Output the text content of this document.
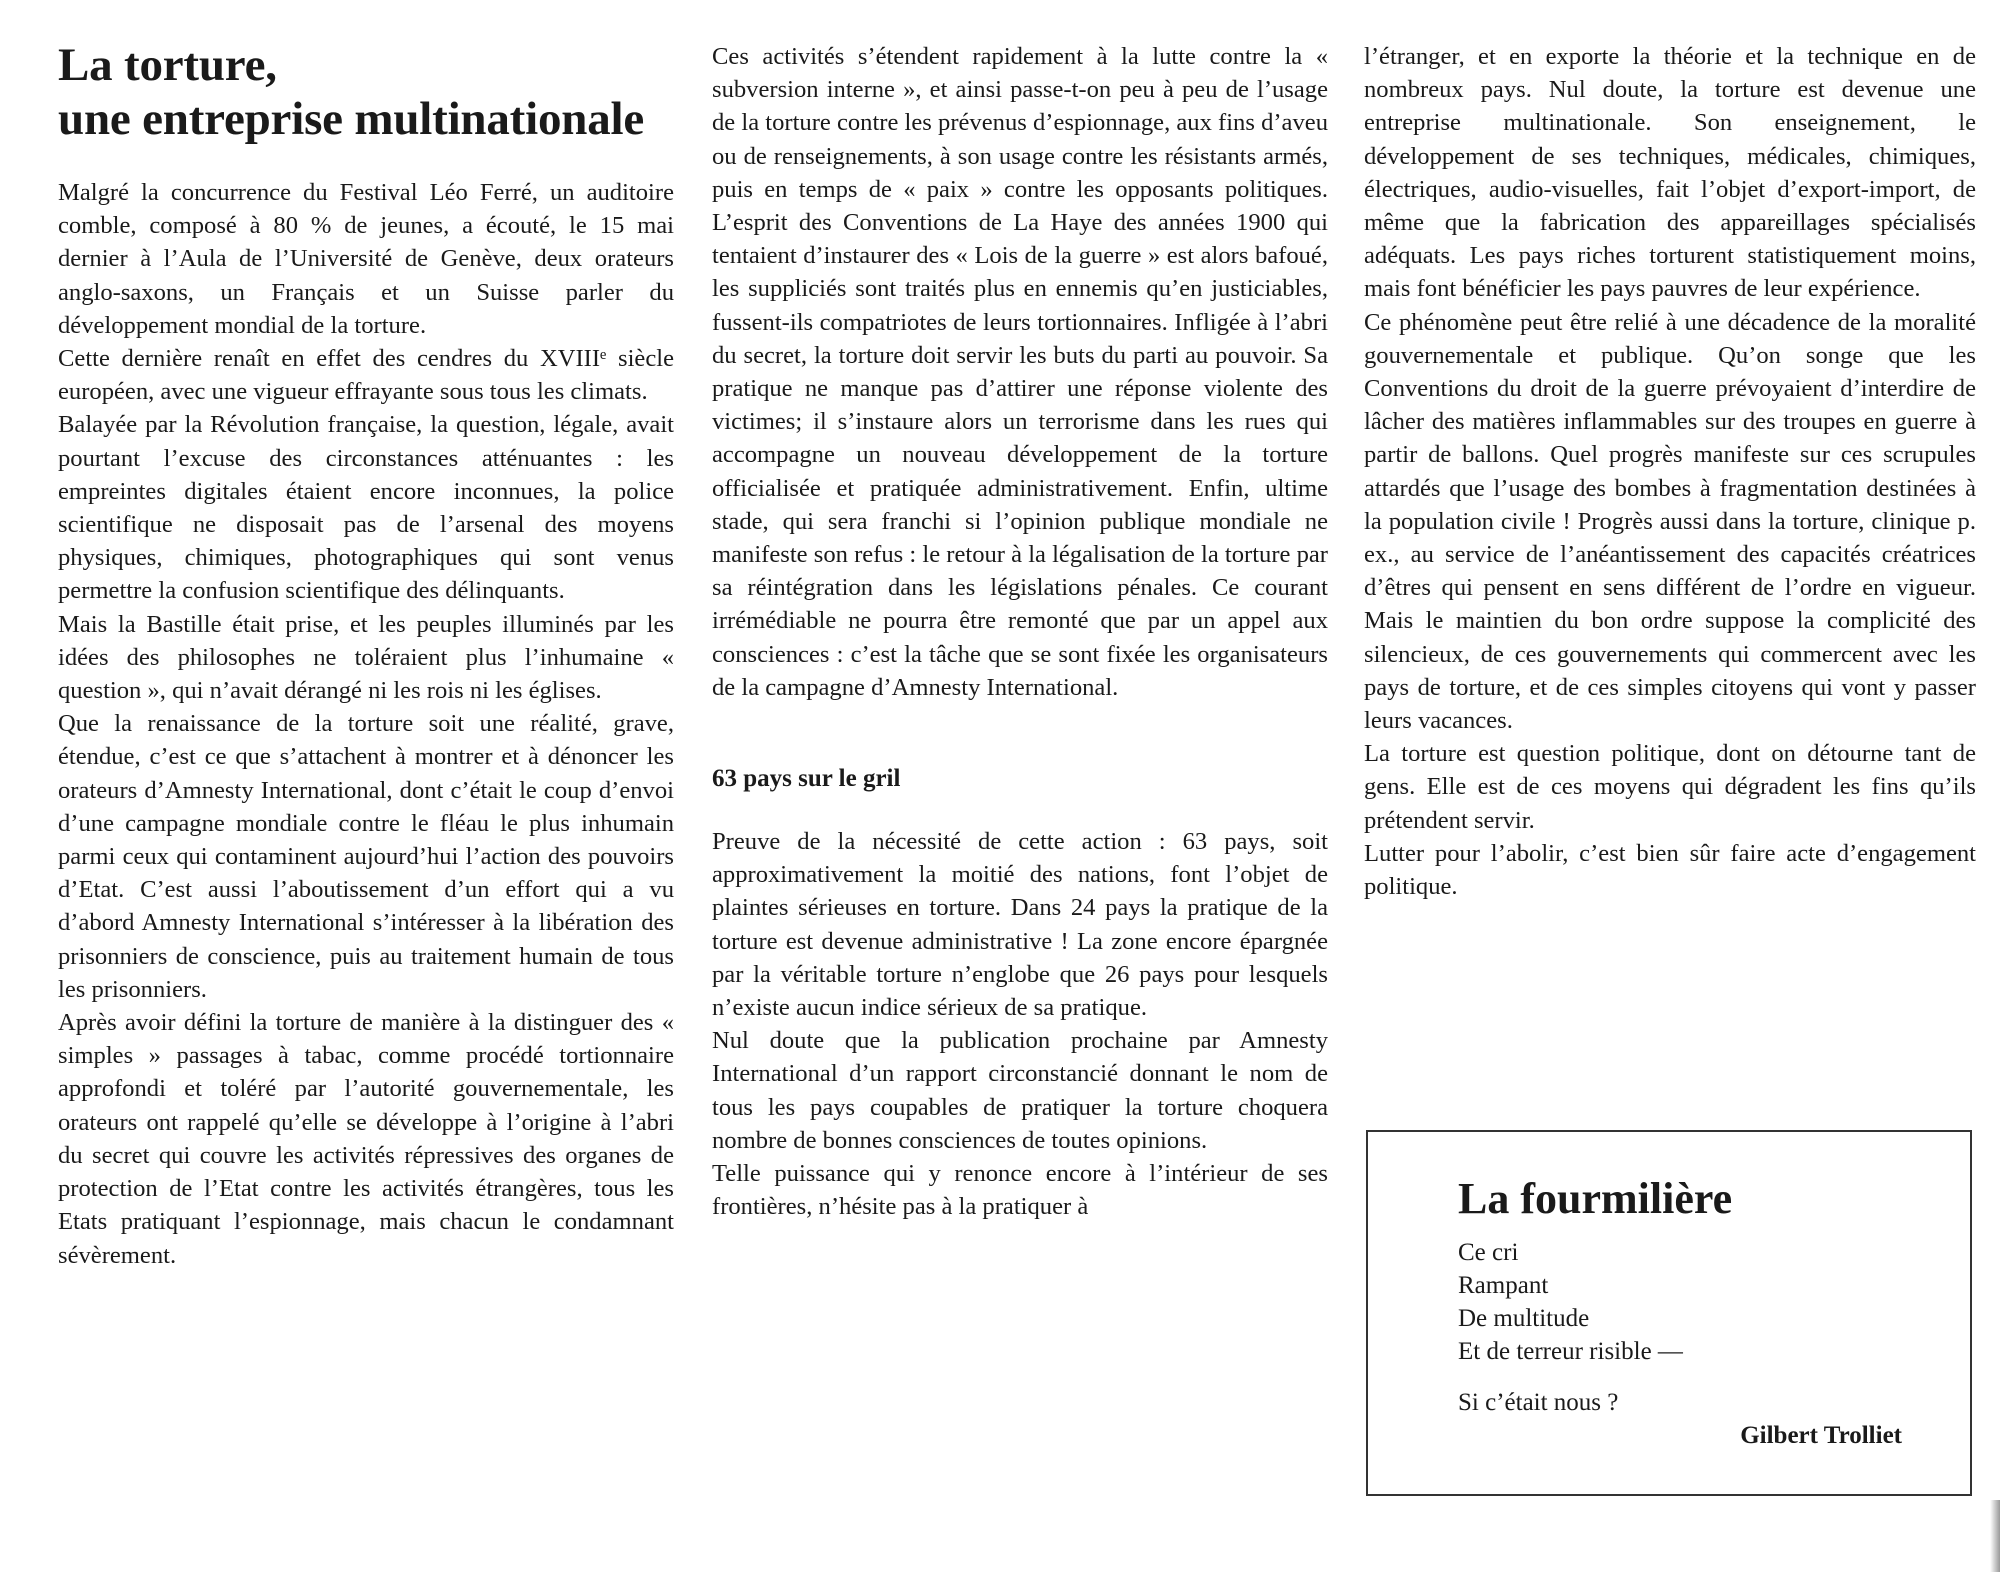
La torture,
une entreprise multinationale

Malgré la concurrence du Festival Léo Ferré, un auditoire comble, composé à 80 % de jeunes, a écouté, le 15 mai dernier à l’Aula de l’Université de Genève, deux orateurs anglo-saxons, un Français et un Suisse parler du développement mondial de la torture.

Cette dernière renaît en effet des cendres du XVIIIᵉ siècle européen, avec une vigueur effrayante sous tous les climats.

Balayée par la Révolution française, la question, légale, avait pourtant l’excuse des circonstances atténuantes : les empreintes digitales étaient encore inconnues, la police scientifique ne disposait pas de l’arsenal des moyens physiques, chimiques, photographiques qui sont venus permettre la confusion scientifique des délinquants.

Mais la Bastille était prise, et les peuples illuminés par les idées des philosophes ne toléraient plus l’inhumaine « question », qui n’avait dérangé ni les rois ni les églises.

Que la renaissance de la torture soit une réalité, grave, étendue, c’est ce que s’attachent à montrer et à dénoncer les orateurs d’Amnesty International, dont c’était le coup d’envoi d’une campagne mondiale contre le fléau le plus inhumain parmi ceux qui contaminent aujourd’hui l’action des pouvoirs d’Etat. C’est aussi l’aboutissement d’un effort qui a vu d’abord Amnesty International s’intéresser à la libération des prisonniers de conscience, puis au traitement humain de tous les prisonniers.

Après avoir défini la torture de manière à la distinguer des « simples » passages à tabac, comme procédé tortionnaire approfondi et toléré par l’autorité gouvernementale, les orateurs ont rappelé qu’elle se développe à l’origine à l’abri du secret qui couvre les activités répressives des organes de protection de l’Etat contre les activités étrangères, tous les Etats pratiquant l’espionnage, mais chacun le condamnant sévèrement.

Ces activités s’étendent rapidement à la lutte contre la « subversion interne », et ainsi passe-t-on peu à peu de l’usage de la torture contre les prévenus d’espionnage, aux fins d’aveu ou de renseignements, à son usage contre les résistants armés, puis en temps de « paix » contre les opposants politiques. L’esprit des Conventions de La Haye des années 1900 qui tentaient d’instaurer des « Lois de la guerre » est alors bafoué, les suppliciés sont traités plus en ennemis qu’en justiciables, fussent-ils compatriotes de leurs tortionnaires. Infligée à l’abri du secret, la torture doit servir les buts du parti au pouvoir. Sa pratique ne manque pas d’attirer une réponse violente des victimes; il s’instaure alors un terrorisme dans les rues qui accompagne un nouveau développement de la torture officialisée et pratiquée administrativement. Enfin, ultime stade, qui sera franchi si l’opinion publique mondiale ne manifeste son refus : le retour à la légalisation de la torture par sa réintégration dans les législations pénales. Ce courant irrémédiable ne pourra être remonté que par un appel aux consciences : c’est la tâche que se sont fixée les organisateurs de la campagne d’Amnesty International.

63 pays sur le gril

Preuve de la nécessité de cette action : 63 pays, soit approximativement la moitié des nations, font l’objet de plaintes sérieuses en torture. Dans 24 pays la pratique de la torture est devenue administrative ! La zone encore épargnée par la véritable torture n’englobe que 26 pays pour lesquels n’existe aucun indice sérieux de sa pratique.

Nul doute que la publication prochaine par Amnesty International d’un rapport circonstancié donnant le nom de tous les pays coupables de pratiquer la torture choquera nombre de bonnes consciences de toutes opinions.

Telle puissance qui y renonce encore à l’intérieur de ses frontières, n’hésite pas à la pratiquer à

l’étranger, et en exporte la théorie et la technique en de nombreux pays. Nul doute, la torture est devenue une entreprise multinationale. Son enseignement, le développement de ses techniques, médicales, chimiques, électriques, audio-visuelles, fait l’objet d’export-import, de même que la fabrication des appareillages spécialisés adéquats. Les pays riches torturent statistiquement moins, mais font bénéficier les pays pauvres de leur expérience.

Ce phénomène peut être relié à une décadence de la moralité gouvernementale et publique. Qu’on songe que les Conventions du droit de la guerre prévoyaient d’interdire de lâcher des matières inflammables sur des troupes en guerre à partir de ballons. Quel progrès manifeste sur ces scrupules attardés que l’usage des bombes à fragmentation destinées à la population civile ! Progrès aussi dans la torture, clinique p. ex., au service de l’anéantissement des capacités créatrices d’êtres qui pensent en sens différent de l’ordre en vigueur. Mais le maintien du bon ordre suppose la complicité des silencieux, de ces gouvernements qui commercent avec les pays de torture, et de ces simples citoyens qui vont y passer leurs vacances.

La torture est question politique, dont on détourne tant de gens. Elle est de ces moyens qui dégradent les fins qu’ils prétendent servir.

Lutter pour l’abolir, c’est bien sûr faire acte d’engagement politique.

La fourmilière
Ce cri
Rampant
De multitude
Et de terreur risible —
Si c’était nous ?
Gilbert Trolliet
